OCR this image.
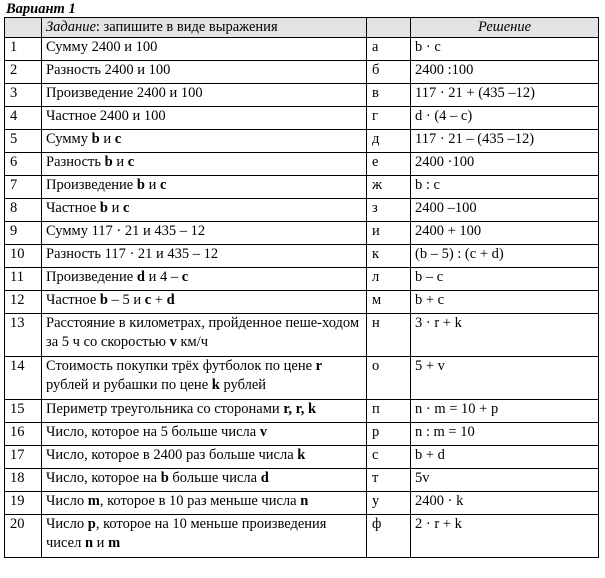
Вариант 1
	Задание: запишите в виде выражения		Решение
1	Сумму 2400 и 100	а	b · c
2	Разность 2400 и 100	б	2400 :100
3	Произведение 2400 и 100	в	117 · 21 + (435 –12)
4	Частное 2400 и 100	г	d · (4 – c)
5	Сумму b и c	д	117 · 21 – (435 –12)
6	Разность b и c	е	2400 ·100
7	Произведение b и c	ж	b : c
8	Частное b и c	з	2400 –100
9	Сумму 117 · 21 и 435 – 12	и	2400 + 100
10	Разность 117 · 21 и 435 – 12	к	(b – 5) : (c + d)
11	Произведение d и 4 – c	л	b – c
12	Частное b – 5 и c + d	м	b + c
13	Расстояние в километрах, пройденное пеше-ходом за 5 ч со скоростью v км/ч	н	3 · r + k
14	Стоимость покупки трёх футболок по цене r рублей и рубашки по цене k рублей	о	5 + v
15	Периметр треугольника со сторонами r, r, k	п	n · m = 10 + p
16	Число, которое на 5 больше числа v	р	n : m = 10
17	Число, которое в 2400 раз больше числа k	с	b + d
18	Число, которое на b больше числа d	т	5v
19	Число m, которое в 10 раз меньше числа n	у	2400 · k
20	Число p, которое на 10 меньше произведения чисел n и m	ф	2 · r + k
